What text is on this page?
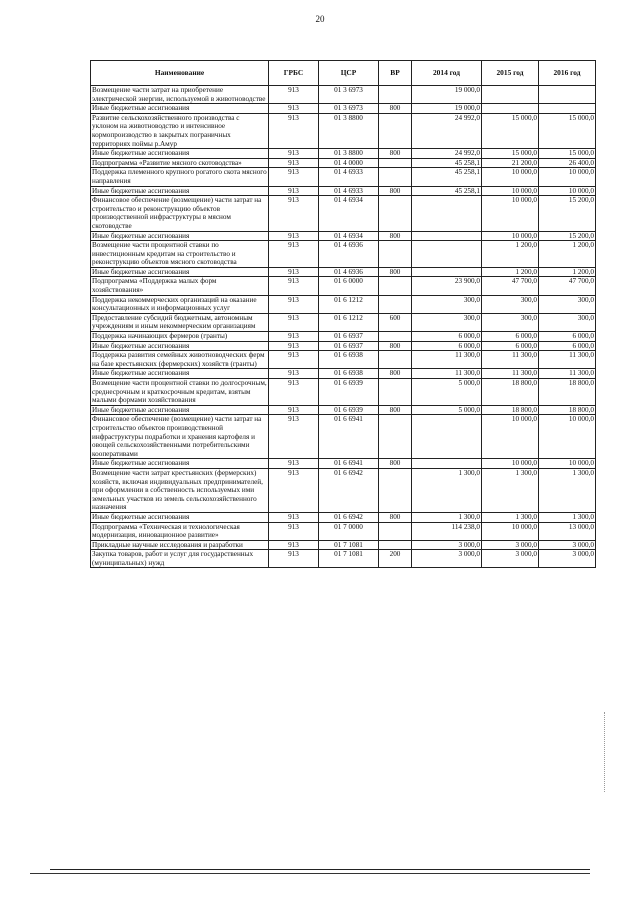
20
Наименование	ГРБС	ЦСР	ВР	2014 год	2015 год	2016 год
Возмещение части затрат на приобретение электрической энергии, используемой в животноводстве	913	01 3 6973		19 000,0		
Иные бюджетные ассигнования	913	01 3 6973	800	19 000,0		
Развитие сельскохозяйственного производства с уклоном на животноводство и интенсивное кормопроизводство в закрытых пограничных территориях поймы р.Амур	913	01 3 8800		24 992,0	15 000,0	15 000,0
Иные бюджетные ассигнования	913	01 3 8800	800	24 992,0	15 000,0	15 000,0
Подпрограмма «Развитие мясного скотоводства»	913	01 4 0000		45 258,1	21 200,0	26 400,0
Поддержка племенного крупного рогатого скота мясного направления	913	01 4 6933		45 258,1	10 000,0	10 000,0
Иные бюджетные ассигнования	913	01 4 6933	800	45 258,1	10 000,0	10 000,0
Финансовое обеспечение (возмещение) части затрат на строительство и реконструкцию объектов производственной инфраструктуры в мясном скотоводстве	913	01 4 6934			10 000,0	15 200,0
Иные бюджетные ассигнования	913	01 4 6934	800		10 000,0	15 200,0
Возмещение части процентной ставки по инвестиционным кредитам на строительство и реконструкцию объектов мясного скотоводства	913	01 4 6936			1 200,0	1 200,0
Иные бюджетные ассигнования	913	01 4 6936	800		1 200,0	1 200,0
Подпрограмма «Поддержка малых форм хозяйствования»	913	01 6 0000		23 900,0	47 700,0	47 700,0
Поддержка некоммерческих организаций на оказание консультационных и информационных услуг	913	01 6 1212		300,0	300,0	300,0
Предоставление субсидий бюджетным, автономным учреждениям и иным некоммерческим организациям	913	01 6 1212	600	300,0	300,0	300,0
Поддержка начинающих фермеров (гранты)	913	01 6 6937		6 000,0	6 000,0	6 000,0
Иные бюджетные ассигнования	913	01 6 6937	800	6 000,0	6 000,0	6 000,0
Поддержка развития семейных животноводческих ферм на базе крестьянских (фермерских) хозяйств (гранты)	913	01 6 6938		11 300,0	11 300,0	11 300,0
Иные бюджетные ассигнования	913	01 6 6938	800	11 300,0	11 300,0	11 300,0
Возмещение части процентной ставки по долгосрочным, среднесрочным и краткосрочным кредитам, взятым малыми формами хозяйствования	913	01 6 6939		5 000,0	18 800,0	18 800,0
Иные бюджетные ассигнования	913	01 6 6939	800	5 000,0	18 800,0	18 800,0
Финансовое обеспечение (возмещение) части затрат на строительство объектов производственной инфраструктуры подработки и хранения картофеля и овощей сельскохозяйственными потребительскими кооперативами	913	01 6 6941			10 000,0	10 000,0
Иные бюджетные ассигнования	913	01 6 6941	800		10 000,0	10 000,0
Возмещение части затрат крестьянских (фермерских) хозяйств, включая индивидуальных предпринимателей, при оформлении в собственность используемых ими земельных участков из земель сельскохозяйственного назначения	913	01 6 6942		1 300,0	1 300,0	1 300,0
Иные бюджетные ассигнования	913	01 6 6942	800	1 300,0	1 300,0	1 300,0
Подпрограмма «Техническая и технологическая модернизация, инновационное развитие»	913	01 7 0000		114 238,0	10 000,0	13 000,0
Прикладные научные исследования и разработки	913	01 7 1081		3 000,0	3 000,0	3 000,0
Закупка товаров, работ и услуг для государственных (муниципальных) нужд	913	01 7 1081	200	3 000,0	3 000,0	3 000,0
